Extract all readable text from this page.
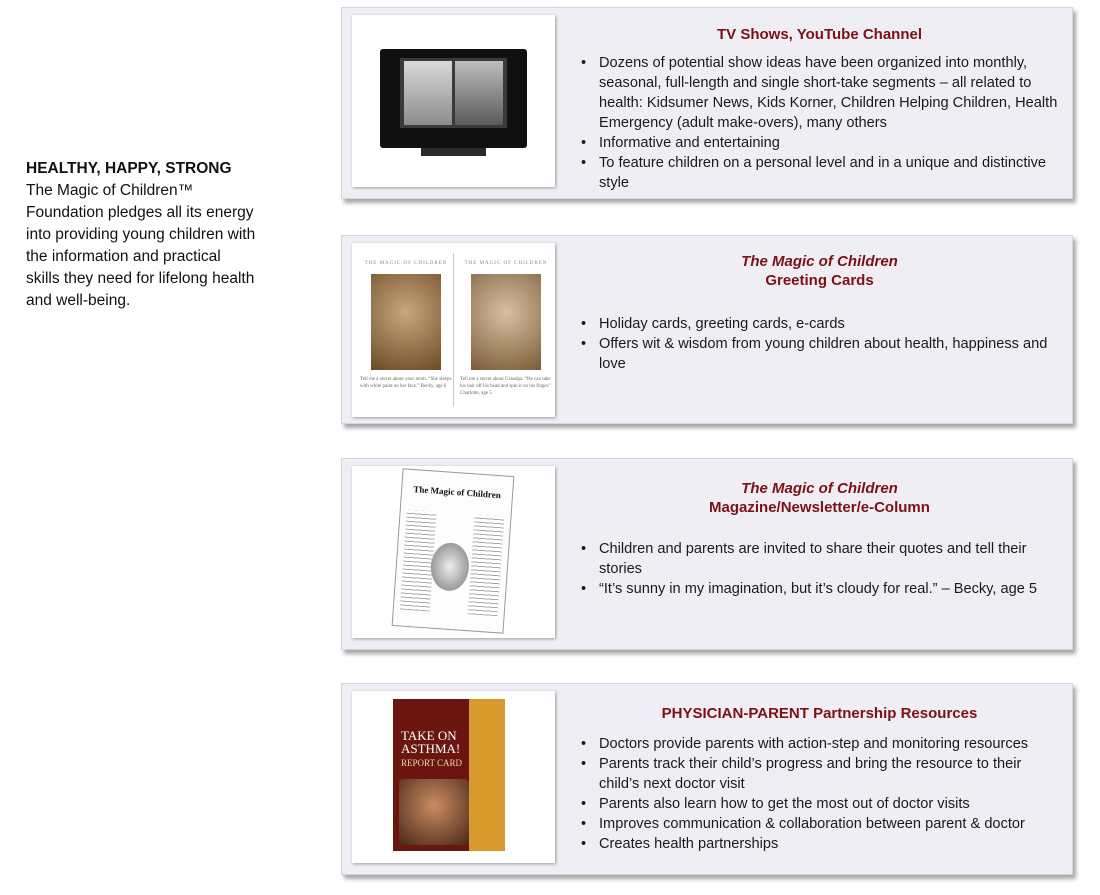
HEALTHY, HAPPY, STRONG
The Magic of Children™ Foundation pledges all its energy into providing young children with the information and practical skills they need for lifelong health and well-being.
TV Shows, YouTube Channel
• Dozens of potential show ideas have been organized into monthly, seasonal, full-length and single short-take segments – all related to health: Kidsumer News, Kids Korner, Children Helping Children, Health Emergency (adult make-overs), many others
• Informative and entertaining
• To feature children on a personal level and in a unique and distinctive style
THE MAGIC OF CHILDREN
Tell me a secret about your mom. “She sleeps with white paint on her face.” Becky, age 6
THE MAGIC OF CHILDREN
Tell me a secret about Grandpa. “He can take his hair off his head and spin it on his finger.” Charlotte, age 5
The Magic of Children
Greeting Cards
• Holiday cards, greeting cards, e-cards
• Offers wit & wisdom from young children about health, happiness and love
The Magic of Children	The Magic of Children
Magazine/Newsletter/e-Column
• Children and parents are invited to share their quotes and tell their stories
• “It’s sunny in my imagination, but it’s cloudy for real.” – Becky, age 5
TAKE ON ASTHMA!
REPORT CARD
PHYSICIAN-PARENT Partnership Resources
• Doctors provide parents with action-step and monitoring resources
• Parents track their child’s progress and bring the resource to their child’s next doctor visit
• Parents also learn how to get the most out of doctor visits
• Improves communication & collaboration between parent & doctor
• Creates health partnerships
